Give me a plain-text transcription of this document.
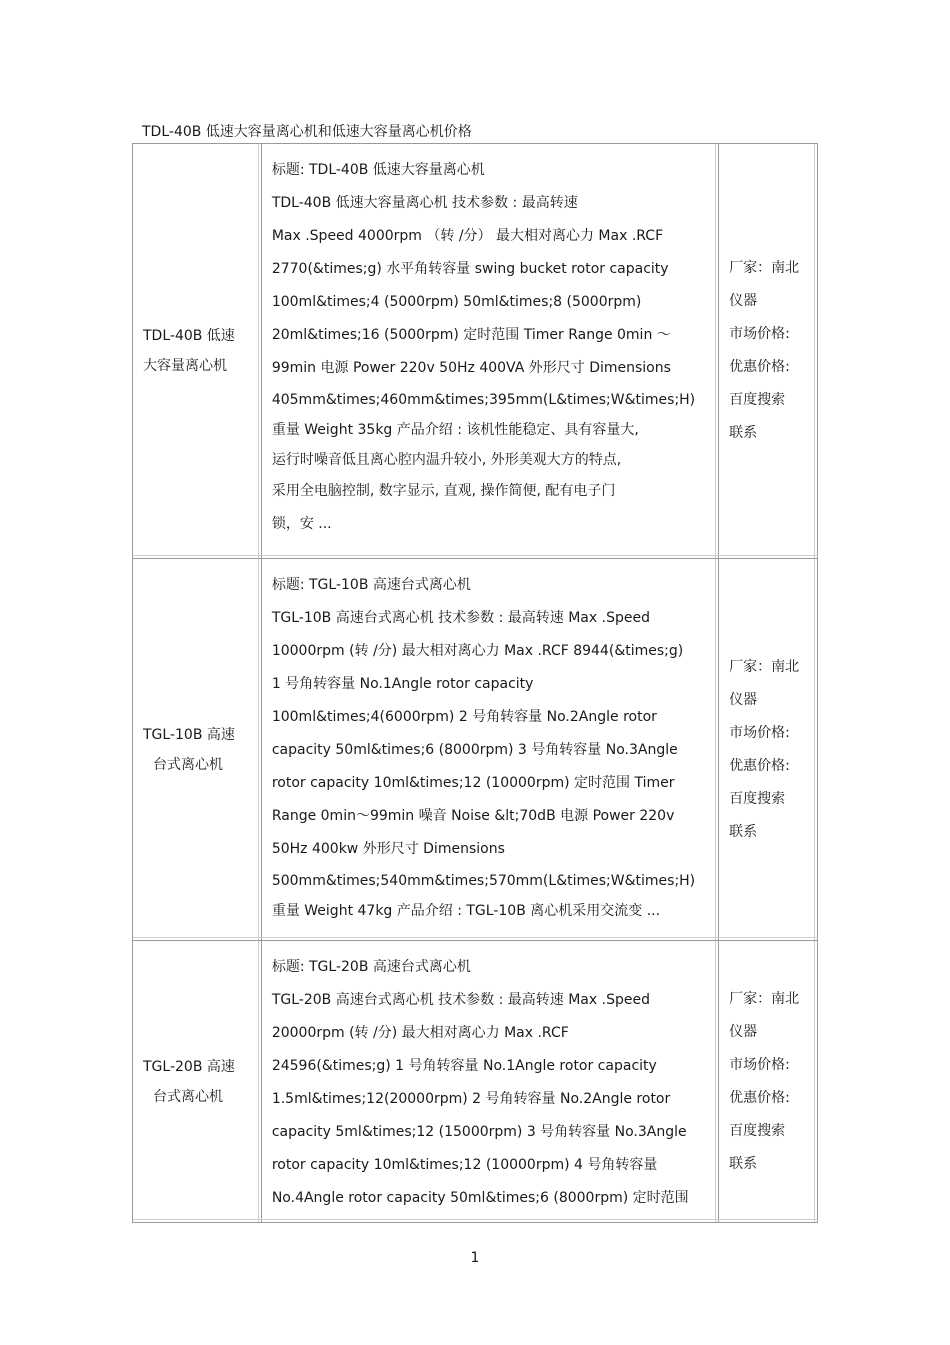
TDL-40B 低速大容量离心机和低速大容量离心机价格
TDL-40B 低速
大容量离心机
标题: TDL-40B 低速大容量离心机
TDL-40B 低速大容量离心机 技术参数 : 最高转速
Max .Speed 4000rpm （转 /分） 最大相对离心力 Max .RCF
2770(&times;g) 水平角转容量 swing bucket rotor capacity
100ml&times;4 (5000rpm) 50ml&times;8 (5000rpm)
20ml&times;16 (5000rpm) 定时范围 Timer Range 0min ～
99min 电源 Power 220v 50Hz 400VA 外形尺寸 Dimensions
405mm&times;460mm&times;395mm(L&times;W&times;H)
重量 Weight 35kg 产品介绍 : 该机性能稳定、具有容量大,
运行时噪音低且离心腔内温升较小, 外形美观大方的特点,
采用全电脑控制, 数字显示, 直观, 操作简便, 配有电子门
锁，安 ...
厂家：南北
仪器
市场价格:
优惠价格:
百度搜索
联系
TGL-10B 高速
台式离心机
标题: TGL-10B 高速台式离心机
TGL-10B 高速台式离心机 技术参数 : 最高转速 Max .Speed
10000rpm (转 /分) 最大相对离心力 Max .RCF 8944(&times;g)
1 号角转容量 No.1Angle rotor capacity
100ml&times;4(6000rpm) 2 号角转容量 No.2Angle rotor
capacity 50ml&times;6 (8000rpm) 3 号角转容量 No.3Angle
rotor capacity 10ml&times;12 (10000rpm) 定时范围 Timer
Range 0min～99min 噪音 Noise &lt;70dB 电源 Power 220v
50Hz 400kw 外形尺寸 Dimensions
500mm&times;540mm&times;570mm(L&times;W&times;H)
重量 Weight 47kg 产品介绍 : TGL-10B 离心机采用交流变 ...
厂家：南北
仪器
市场价格:
优惠价格:
百度搜索
联系
TGL-20B 高速
台式离心机
标题: TGL-20B 高速台式离心机
TGL-20B 高速台式离心机 技术参数 : 最高转速 Max .Speed
20000rpm (转 /分) 最大相对离心力 Max .RCF
24596(&times;g) 1 号角转容量 No.1Angle rotor capacity
1.5ml&times;12(20000rpm) 2 号角转容量 No.2Angle rotor
capacity 5ml&times;12 (15000rpm) 3 号角转容量 No.3Angle
rotor capacity 10ml&times;12 (10000rpm) 4 号角转容量
No.4Angle rotor capacity 50ml&times;6 (8000rpm) 定时范围
厂家：南北
仪器
市场价格:
优惠价格:
百度搜索
联系
1
